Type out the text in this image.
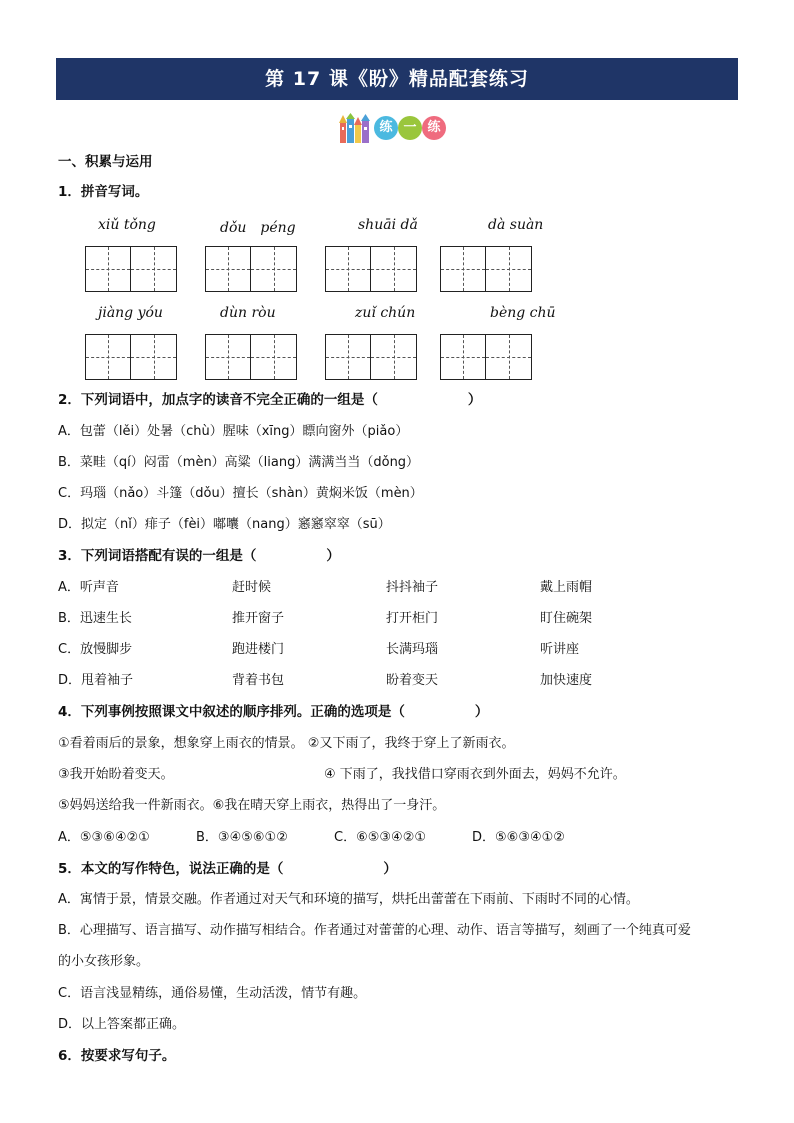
第 17 课《盼》精品配套练习
练 一 练
一、积累与运用
1．拼音写词。
xiǔ tǒng	dǒu　péng	shuāi dǎ	dà suàn
jiàng yóu	dùn ròu	zuǐ chún	bèng chū
2．下列词语中，加点字的读音不完全正确的一组是（	）
A．包蕾（lěi）处暑（chù）腥味（xīng）瞟向窗外（piǎo）
B．菜畦（qí）闷雷（mèn）高粱（liang）满满当当（dǒng）
C．玛瑙（nǎo）斗篷（dǒu）擅长（shàn）黄焖米饭（mèn）
D．拟定（nǐ）痱子（fèi）嘟囔（nang）窸窸窣窣（sū）
3．下列词语搭配有误的一组是（	）
A．听声音	赶时候	抖抖袖子	戴上雨帽
B．迅速生长	推开窗子	打开柜门	盯住碗架
C．放慢脚步	跑进楼门	长满玛瑙	听讲座
D．甩着袖子	背着书包	盼着变天	加快速度
4．下列事例按照课文中叙述的顺序排列。正确的选项是（	）
①看着雨后的景象，想象穿上雨衣的情景。 ②又下雨了，我终于穿上了新雨衣。
③我开始盼着变天。	④ 下雨了，我找借口穿雨衣到外面去，妈妈不允许。
⑤妈妈送给我一件新雨衣。⑥我在晴天穿上雨衣，热得出了一身汗。
A．⑤③⑥④②①	B．③④⑤⑥①②	C．⑥⑤③④②①	D．⑤⑥③④①②
5．本文的写作特色，说法正确的是（	）
A．寓情于景，情景交融。作者通过对天气和环境的描写，烘托出蕾蕾在下雨前、下雨时不同的心情。
B．心理描写、语言描写、动作描写相结合。作者通过对蕾蕾的心理、动作、语言等描写，刻画了一个纯真可爱
的小女孩形象。
C．语言浅显精练，通俗易懂，生动活泼，情节有趣。
D．以上答案都正确。
6．按要求写句子。
